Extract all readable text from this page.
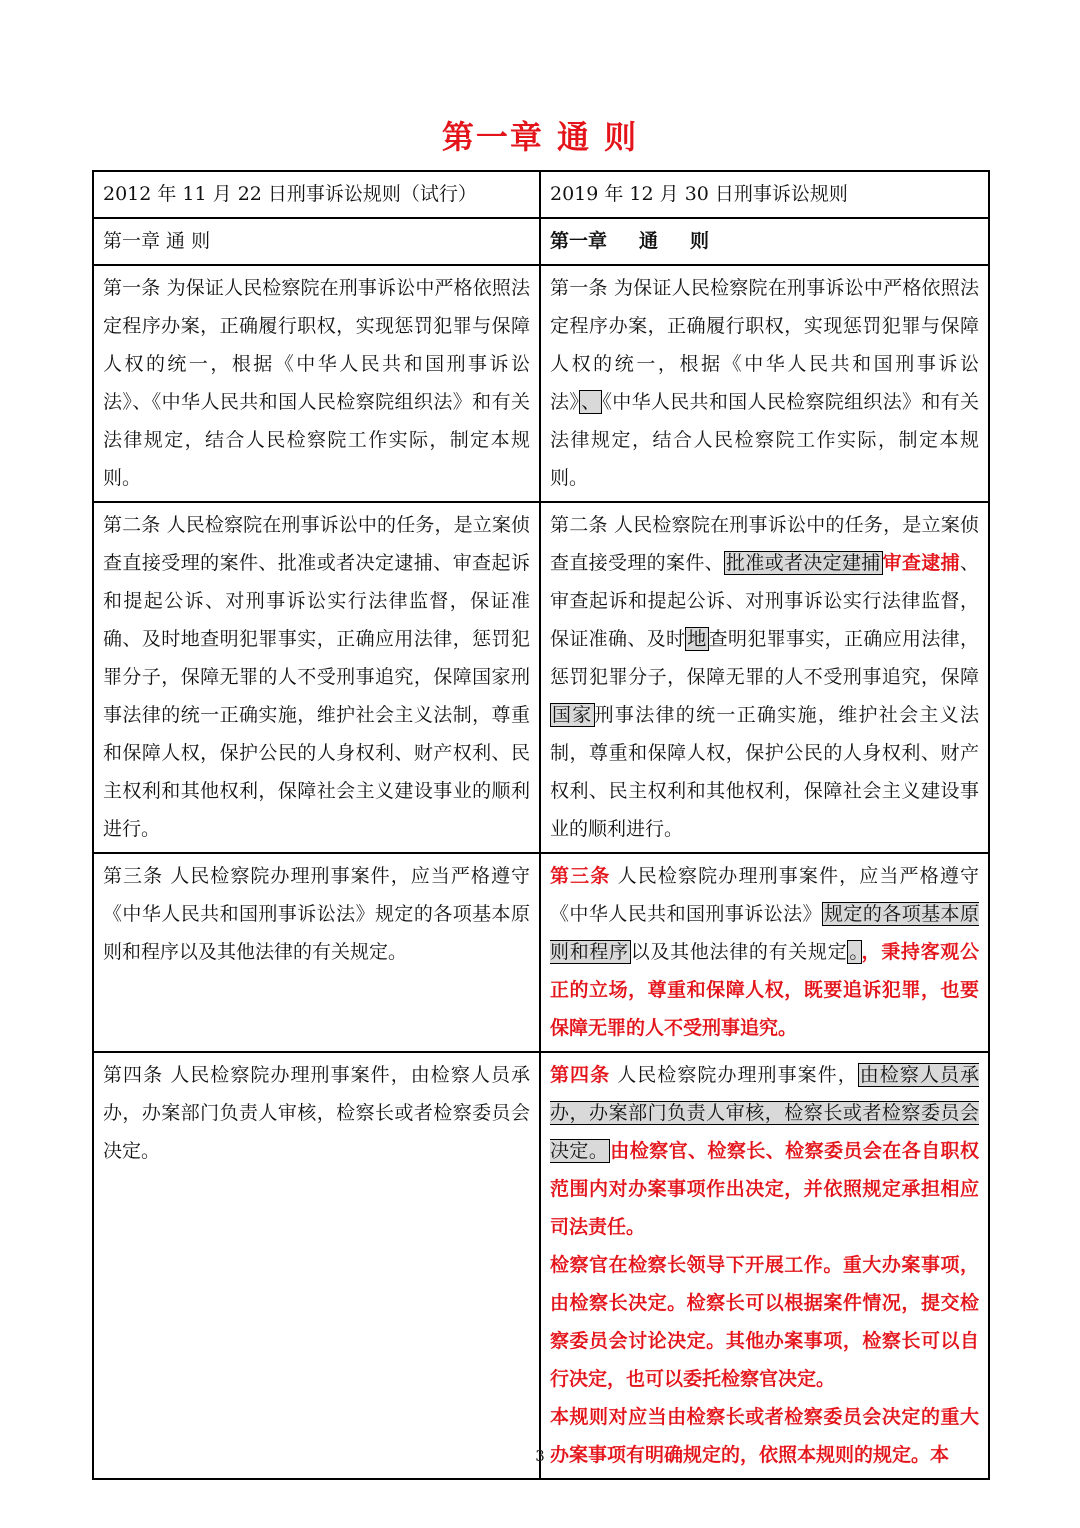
第一章 通 则
2012 年 11 月 22 日刑事诉讼规则（试行）	2019 年 12 月 30 日刑事诉讼规则
第一章 通 则	第一章 通 则
第一条 为保证人民检察院在刑事诉讼中严格依照法定程序办案，正确履行职权，实现惩罚犯罪与保障人权的统一，根据《中华人民共和国刑事诉讼法》、《中华人民共和国人民检察院组织法》和有关法律规定，结合人民检察院工作实际，制定本规则。	第一条 为保证人民检察院在刑事诉讼中严格依照法定程序办案，正确履行职权，实现惩罚犯罪与保障人权的统一，根据《中华人民共和国刑事诉讼法》 、 《中华人民共和国人民检察院组织法》和有关法律规定，结合人民检察院工作实际，制定本规则。
第二条 人民检察院在刑事诉讼中的任务，是立案侦查直接受理的案件、批准或者决定逮捕、审查起诉和提起公诉、对刑事诉讼实行法律监督，保证准确、及时地查明犯罪事实，正确应用法律，惩罚犯罪分子，保障无罪的人不受刑事追究，保障国家刑事法律的统一正确实施，维护社会主义法制，尊重和保障人权，保护公民的人身权利、财产权利、民主权利和其他权利，保障社会主义建设事业的顺利进行。	第二条 人民检察院在刑事诉讼中的任务，是立案侦查直接受理的案件、 批准或者决定建捕 审查逮捕、审查起诉和提起公诉、对刑事诉讼实行法律监督，保证准确、及时 地 查明犯罪事实，正确应用法律，惩罚犯罪分子，保障无罪的人不受刑事追究，保障国家 刑事法律的统一正确实施，维护社会主义法制，尊重和保障人权，保护公民的人身权利、财产权利、民主权利和其他权利，保障社会主义建设事业的顺利进行。
第三条 人民检察院办理刑事案件，应当严格遵守《中华人民共和国刑事诉讼法》规定的各项基本原则和程序以及其他法律的有关规定。	第三条 人民检察院办理刑事案件，应当严格遵守《中华人民共和国刑事诉讼法》 规定的各项基本原则和程序 以及其他法律的有关规定 。 ，秉持客观公正的立场，尊重和保障人权，既要追诉犯罪，也要保障无罪的人不受刑事追究。
第四条 人民检察院办理刑事案件，由检察人员承办，办案部门负责人审核，检察长或者检察委员会决定。	第四条 人民检察院办理刑事案件， 由检察人员承办，办案部门负责人审核，检察长或者检察委员会决定。 由检察官、检察长、检察委员会在各自职权范围内对办案事项作出决定，并依照规定承担相应司法责任。
检察官在检察长领导下开展工作。重大办案事项，由检察长决定。检察长可以根据案件情况，提交检察委员会讨论决定。其他办案事项，检察长可以自行决定，也可以委托检察官决定。
本规则对应当由检察长或者检察委员会决定的重大办案事项有明确规定的，依照本规则的规定。本
3
